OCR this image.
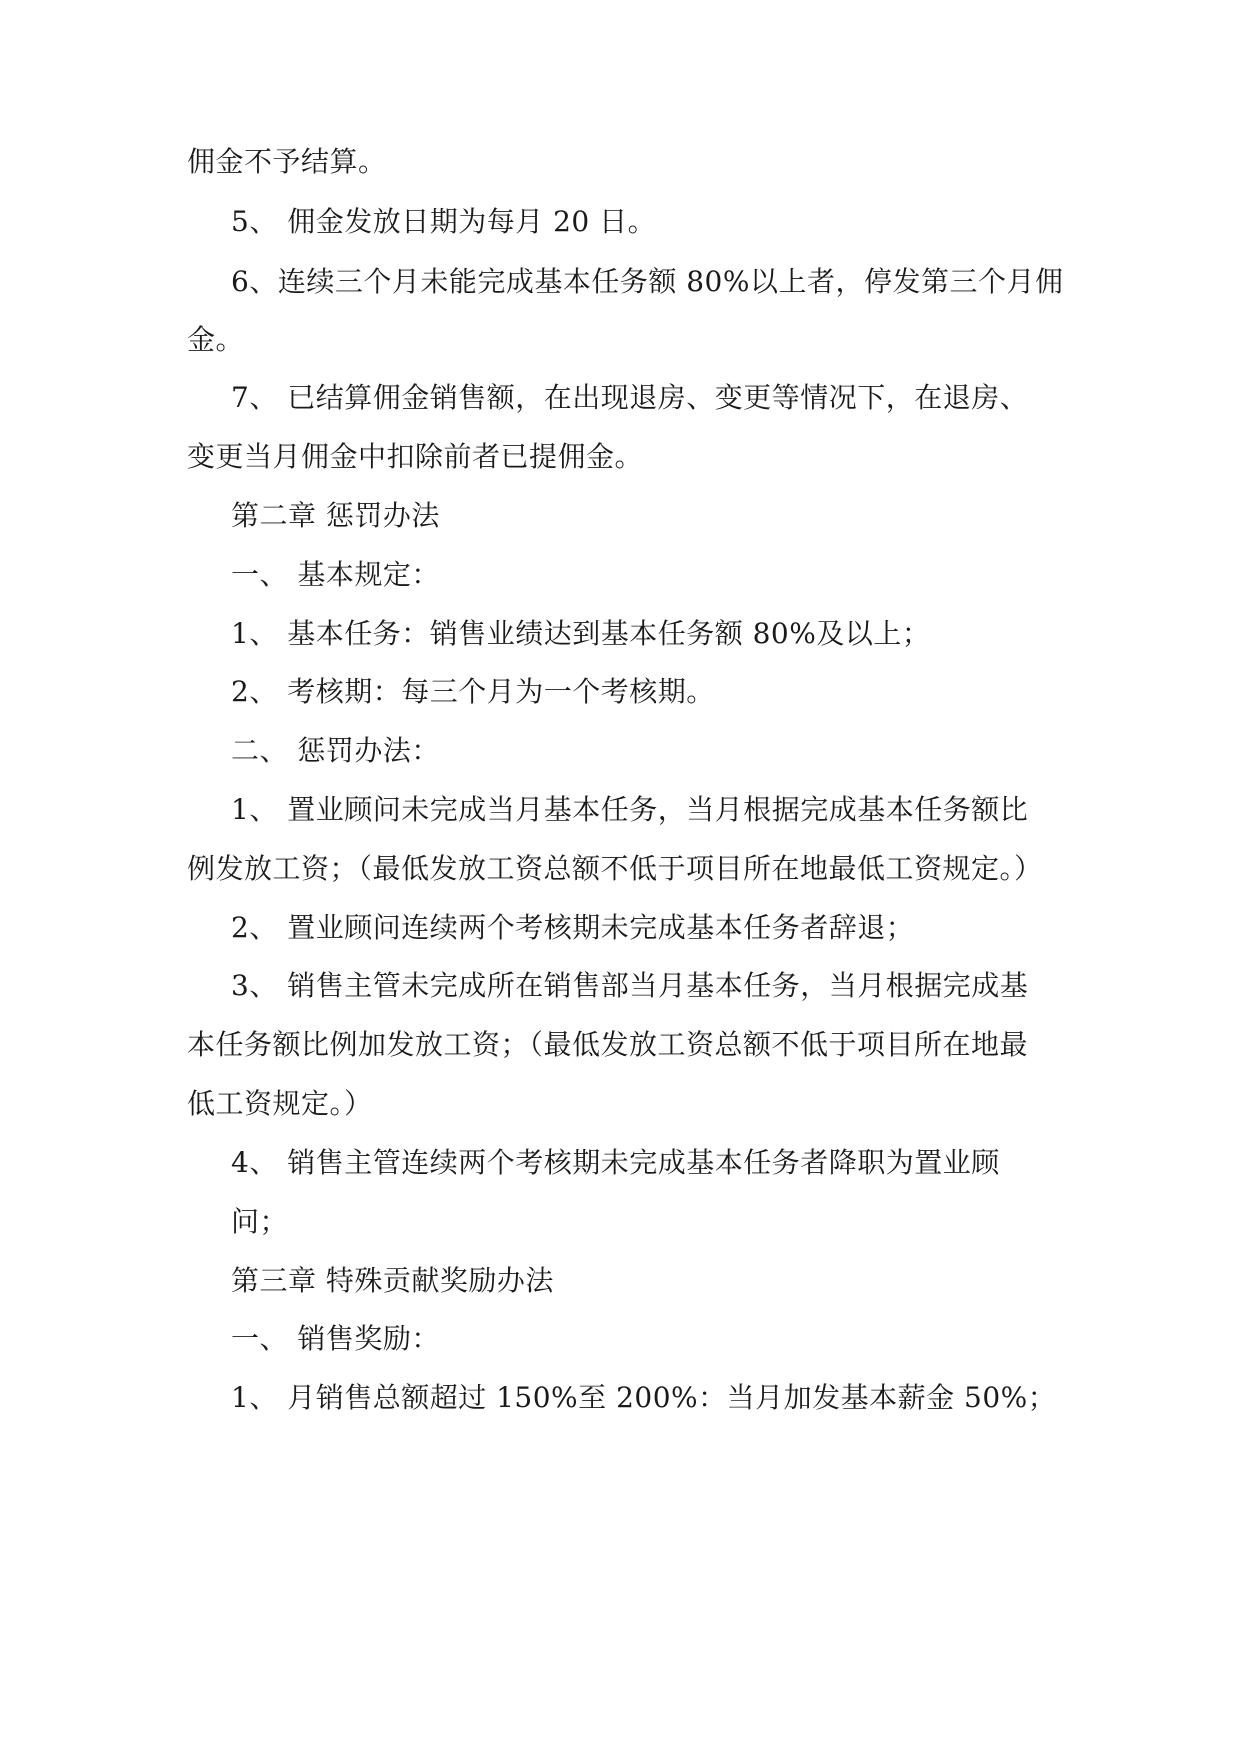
佣金不予结算。
5、 佣金发放日期为每月 20 日。
6、连续三个月未能完成基本任务额 80%以上者，停发第三个月佣
金。
7、 已结算佣金销售额，在出现退房、变更等情况下，在退房、
变更当月佣金中扣除前者已提佣金。
第二章 惩罚办法
一、 基本规定：
1、 基本任务：销售业绩达到基本任务额 80%及以上；
2、 考核期：每三个月为一个考核期。
二、 惩罚办法：
1、 置业顾问未完成当月基本任务，当月根据完成基本任务额比
例发放工资；（最低发放工资总额不低于项目所在地最低工资规定。）
2、 置业顾问连续两个考核期未完成基本任务者辞退；
3、 销售主管未完成所在销售部当月基本任务，当月根据完成基
本任务额比例加发放工资；（最低发放工资总额不低于项目所在地最
低工资规定。）
4、 销售主管连续两个考核期未完成基本任务者降职为置业顾
问；
第三章 特殊贡献奖励办法
一、 销售奖励：
1、 月销售总额超过 150%至 200%：当月加发基本薪金 50%；
